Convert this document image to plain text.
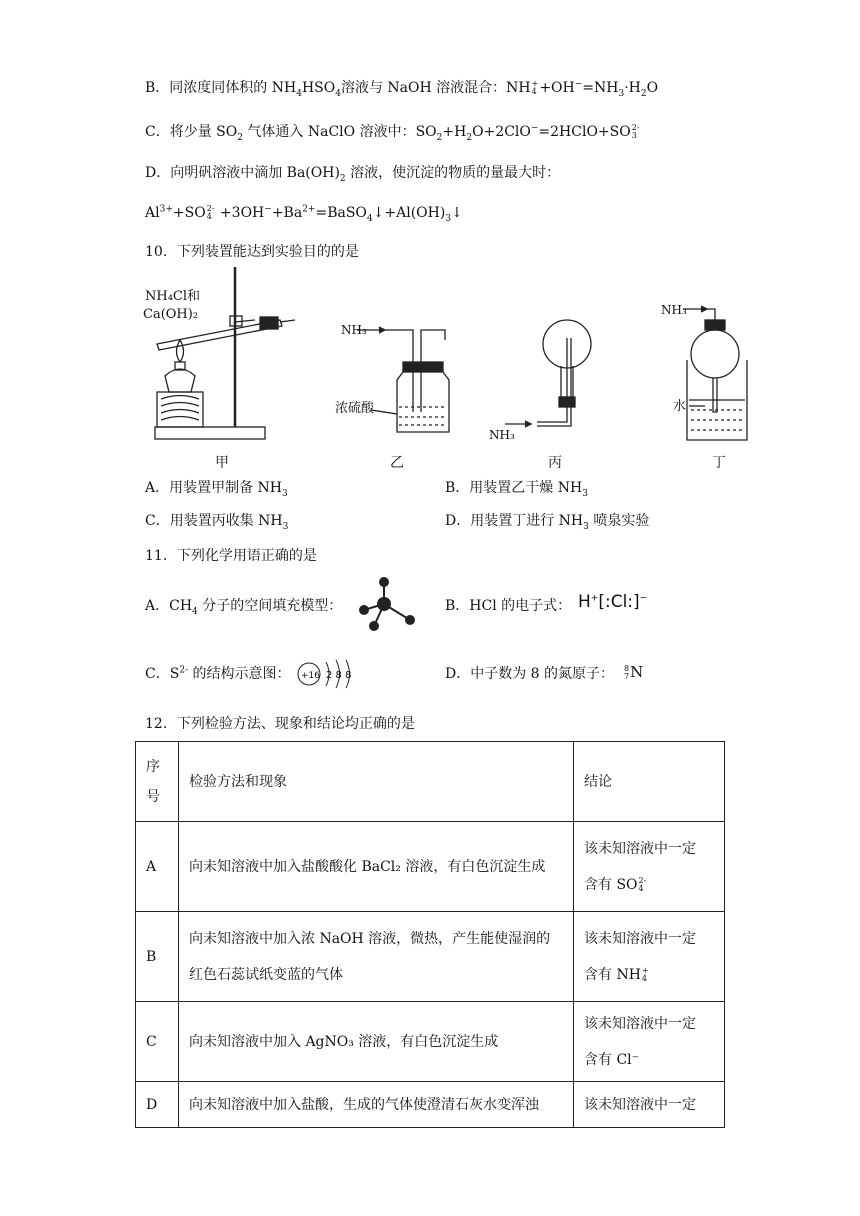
B．同浓度同体积的 $NH_4HSO_4$溶液与 NaOH 溶液混合：NH +
$4 +OH^-=NH_3\cdot H_2O$
C．将少量 $SO_2$ 气体通入 NaClO 溶液中：$SO_2+H_2O+2ClO^-=2HClO+SO$ 2-
3
D．向明矾溶液中滴加 $Ba(OH)_2$ 溶液，使沉淀的物质的量最大时：
$Al^{3+}+SO$ 2-
$4 +3OH^-+Ba^{2+}=BaSO_4↓+Al(OH)_3↓$
10．下列装置能达到实验目的的是
NH₄Cl和
Ca(OH)₂
NH₃
浓硫酸
NH₃
NH₃
水
甲	乙	丙	丁
A．用装置甲制备 $NH_3$	B．用装置乙干燥 $NH_3$
C．用装置丙收集 $NH_3$	D．用装置丁进行 $NH_3$ 喷泉实验
11．下列化学用语正确的是
A．$CH_4$ 分子的空间填充模型：	B．HCl 的电子式： H+[:Cl:]−
C．$S^{2-}$ 的结构示意图： +16 2 8 8	D．中子数为 8 的氮原子： 8
7 N
12．下列检验方法、现象和结论均正确的是
序号	检验方法和现象	结论
A	向未知溶液中加入盐酸酸化 BaCl₂ 溶液，有白色沉淀生成	该未知溶液中一定
含有 SO 2-
4

B	向未知溶液中加入浓 NaOH 溶液，微热，产生能使湿润的
红色石蕊试纸变蓝的气体	该未知溶液中一定
含有 NH +
4

C	向未知溶液中加入 AgNO₃ 溶液，有白色沉淀生成	该未知溶液中一定
含有 Cl⁻

D	向未知溶液中加入盐酸，生成的气体使澄清石灰水变浑浊	该未知溶液中一定
